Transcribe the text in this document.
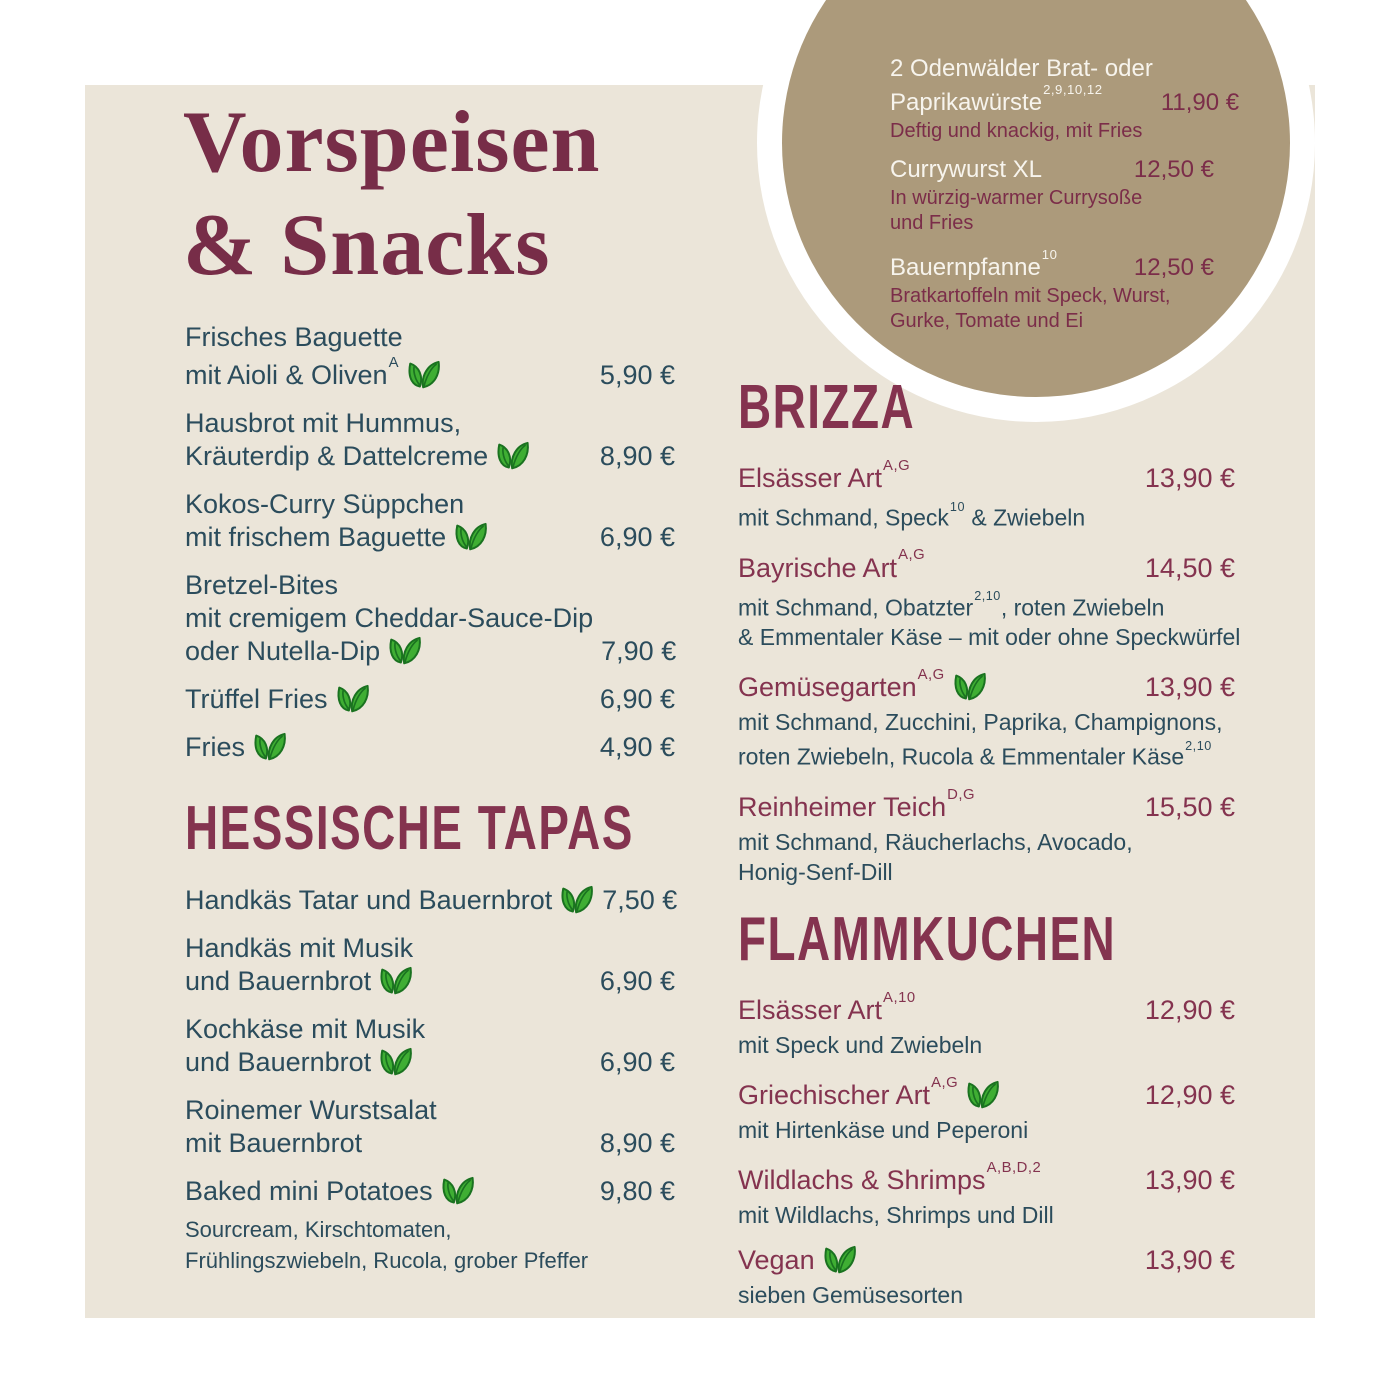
2 Odenwälder Brat- oder
Paprikawürste$^{2,9,10,12}$	11,90 €
Deftig und knackig, mit Fries
Currywurst XL	12,50 €
In würzig-warmer Currysoße
und Fries
Bauernpfanne$^{10}$	12,50 €
Bratkartoffeln mit Speck, Wurst,
Gurke, Tomate und Ei
Vorspeisen
& Snacks
Frisches Baguette
mit Aioli & Oliven$^A$	5,90 €
Hausbrot mit Hummus,
Kräuterdip & Dattelcreme	8,90 €
Kokos-Curry Süppchen
mit frischem Baguette	6,90 €
Bretzel-Bites
mit cremigem Cheddar-Sauce-Dip
oder Nutella-Dip	7,90 €
Trüffel Fries	6,90 €
Fries	4,90 €
HESSISCHE TAPAS
Handkäs Tatar und Bauernbrot	7,50 €
Handkäs mit Musik
und Bauernbrot	6,90 €
Kochkäse mit Musik
und Bauernbrot	6,90 €
Roinemer Wurstsalat
mit Bauernbrot	8,90 €
Baked mini Potatoes	9,80 €
Sourcream, Kirschtomaten,
Frühlingszwiebeln, Rucola, grober Pfeffer
BRIZZA
Elsässer Art$^{A,G}$	13,90 €
mit Schmand, Speck$^{10}$ & Zwiebeln
Bayrische Art$^{A,G}$	14,50 €
mit Schmand, Obatzter$^{2,10}$, roten Zwiebeln
& Emmentaler Käse – mit oder ohne Speckwürfel
Gemüsegarten$^{A,G}$	13,90 €
mit Schmand, Zucchini, Paprika, Champignons,
roten Zwiebeln, Rucola & Emmentaler Käse$^{2,10}$
Reinheimer Teich$^{D,G}$	15,50 €
mit Schmand, Räucherlachs, Avocado,
Honig-Senf-Dill
FLAMMKUCHEN
Elsässer Art$^{A,10}$	12,90 €
mit Speck und Zwiebeln
Griechischer Art$^{A,G}$	12,90 €
mit Hirtenkäse und Peperoni
Wildlachs & Shrimps$^{A,B,D,2}$	13,90 €
mit Wildlachs, Shrimps und Dill
Vegan	13,90 €
sieben Gemüsesorten
